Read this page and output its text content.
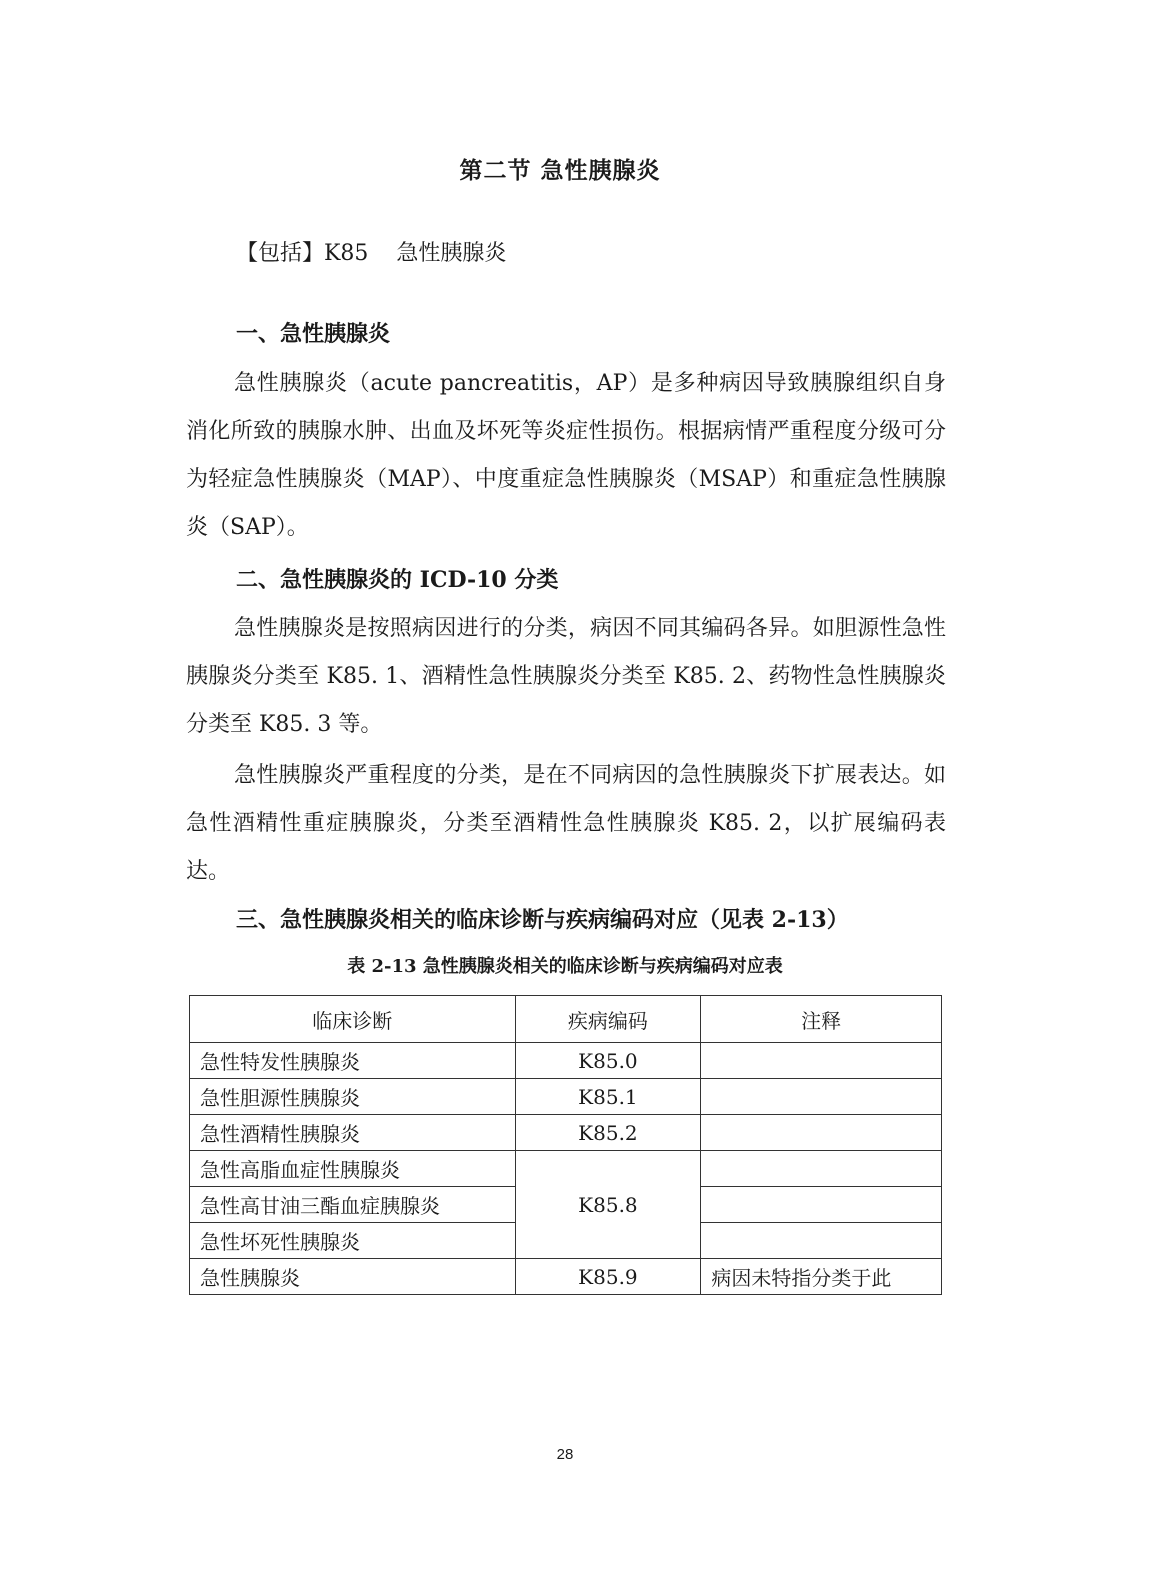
第二节 急性胰腺炎
【包括】K85    急性胰腺炎
一、急性胰腺炎
急性胰腺炎（acute pancreatitis，AP）是多种病因导致胰腺组织自身消化所致的胰腺水肿、出血及坏死等炎症性损伤。根据病情严重程度分级可分为轻症急性胰腺炎（MAP）、中度重症急性胰腺炎（MSAP）和重症急性胰腺炎（SAP）。
二、急性胰腺炎的 ICD-10 分类
急性胰腺炎是按照病因进行的分类，病因不同其编码各异。如胆源性急性胰腺炎分类至 K85. 1、酒精性急性胰腺炎分类至 K85. 2、药物性急性胰腺炎分类至 K85. 3 等。
急性胰腺炎严重程度的分类，是在不同病因的急性胰腺炎下扩展表达。如急性酒精性重症胰腺炎，分类至酒精性急性胰腺炎 K85. 2，以扩展编码表达。
三、急性胰腺炎相关的临床诊断与疾病编码对应（见表 2-13）
表 2-13 急性胰腺炎相关的临床诊断与疾病编码对应表
临床诊断	疾病编码	注释
急性特发性胰腺炎	K85.0	
急性胆源性胰腺炎	K85.1	
急性酒精性胰腺炎	K85.2	
急性高脂血症性胰腺炎	K85.8	
急性高甘油三酯血症胰腺炎		
急性坏死性胰腺炎		
急性胰腺炎	K85.9	病因未特指分类于此
28
